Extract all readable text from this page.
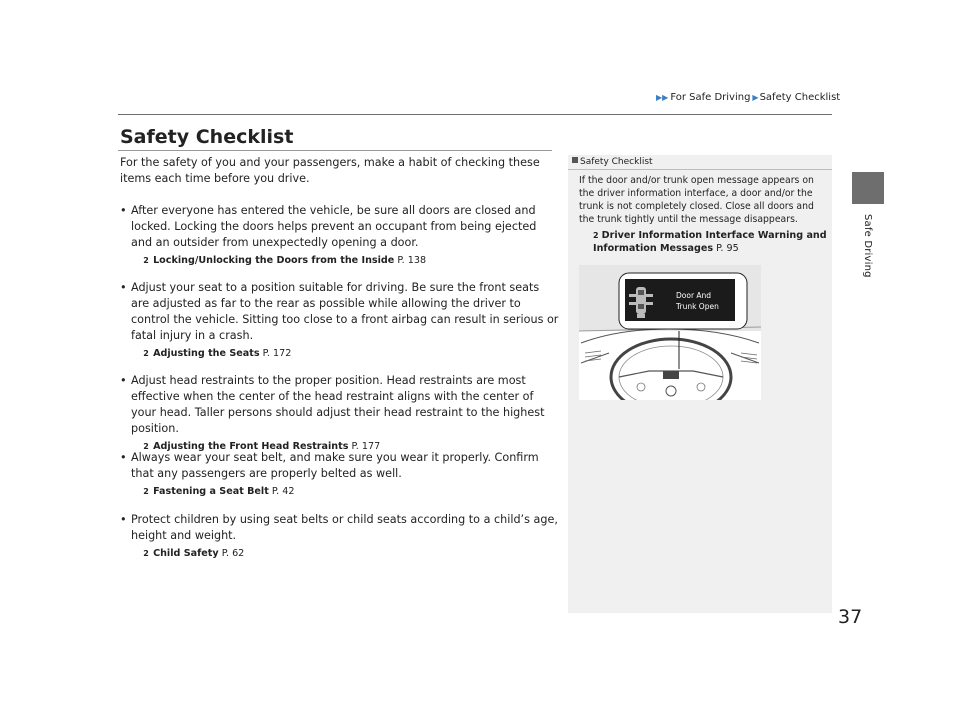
▶▶ For Safe Driving ▶Safety Checklist
Safe Driving
37
Safety Checklist
For the safety of you and your passengers, make a habit of checking these items each time before you drive.
• After everyone has entered the vehicle, be sure all doors are closed and locked. Locking the doors helps prevent an occupant from being ejected and an outsider from unexpectedly opening a door.
2 Locking/Unlocking the Doors from the Inside P. 138
• Adjust your seat to a position suitable for driving. Be sure the front seats are adjusted as far to the rear as possible while allowing the driver to control the vehicle. Sitting too close to a front airbag can result in serious or fatal injury in a crash.
2 Adjusting the Seats P. 172
• Adjust head restraints to the proper position. Head restraints are most effective when the center of the head restraint aligns with the center of your head. Taller persons should adjust their head restraint to the highest position.
2 Adjusting the Front Head Restraints P. 177
• Always wear your seat belt, and make sure you wear it properly. Confirm that any passengers are properly belted as well.
2 Fastening a Seat Belt P. 42
• Protect children by using seat belts or child seats according to a child’s age, height and weight.
2 Child Safety P. 62
Safety Checklist
If the door and/or trunk open message appears on the driver information interface, a door and/or the trunk is not completely closed. Close all doors and the trunk tightly until the message disappears.
2 Driver Information Interface Warning and Information Messages P. 95
Door And
Trunk Open
